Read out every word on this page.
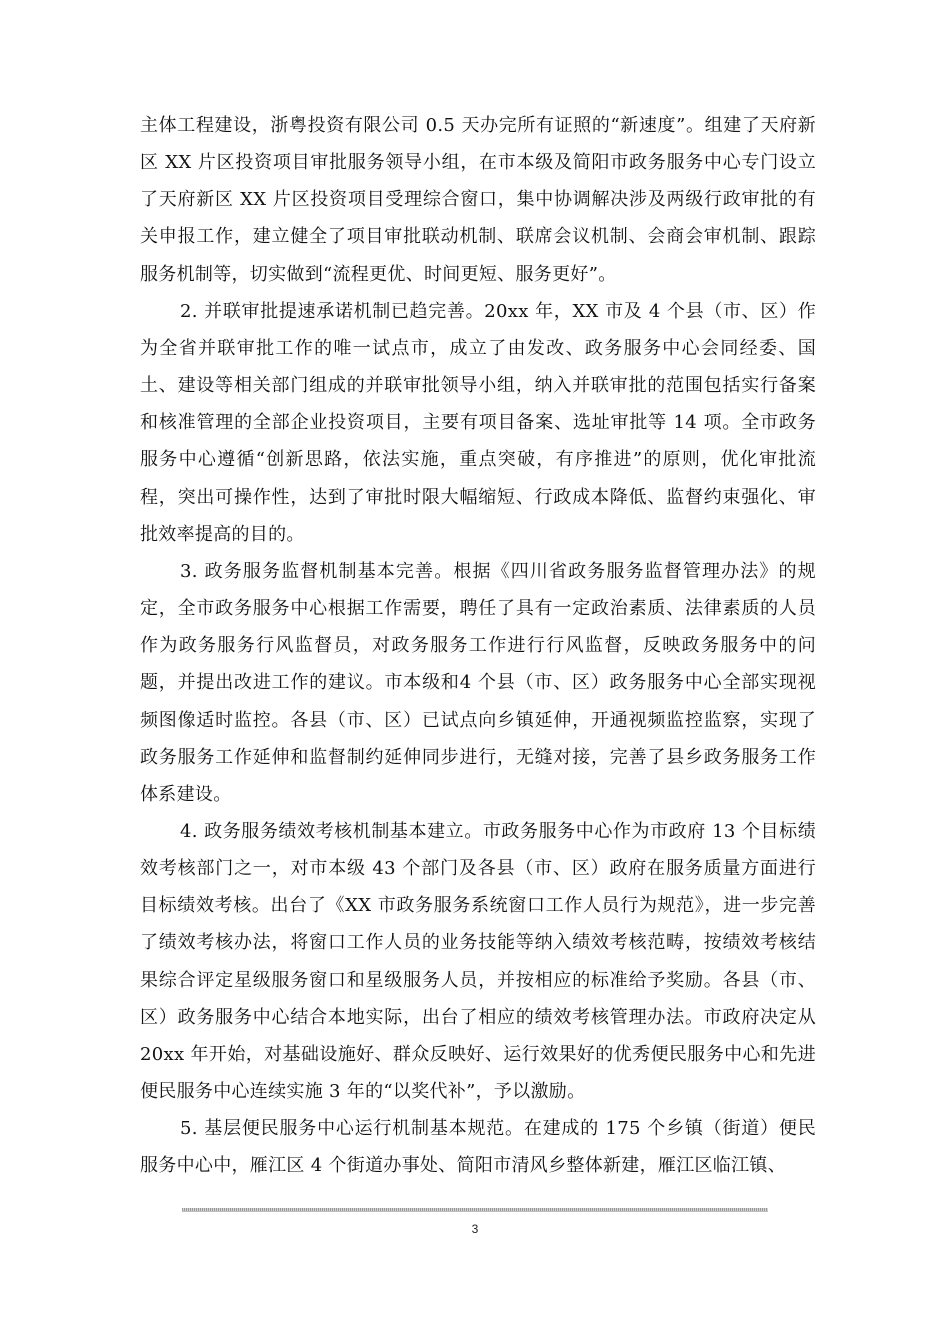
主体工程建设，浙粤投资有限公司 0.5 天办完所有证照的“新速度”。组建了天府新区 XX 片区投资项目审批服务领导小组，在市本级及简阳市政务服务中心专门设立了天府新区 XX 片区投资项目受理综合窗口，集中协调解决涉及两级行政审批的有关申报工作，建立健全了项目审批联动机制、联席会议机制、会商会审机制、跟踪服务机制等，切实做到“流程更优、时间更短、服务更好”。

2. 并联审批提速承诺机制已趋完善。20xx 年，XX 市及 4 个县（市、区）作为全省并联审批工作的唯一试点市，成立了由发改、政务服务中心会同经委、国土、建设等相关部门组成的并联审批领导小组，纳入并联审批的范围包括实行备案和核准管理的全部企业投资项目，主要有项目备案、选址审批等 14 项。全市政务服务中心遵循“创新思路，依法实施，重点突破，有序推进”的原则，优化审批流程，突出可操作性，达到了审批时限大幅缩短、行政成本降低、监督约束强化、审批效率提高的目的。

3. 政务服务监督机制基本完善。根据《四川省政务服务监督管理办法》的规定，全市政务服务中心根据工作需要，聘任了具有一定政治素质、法律素质的人员作为政务服务行风监督员，对政务服务工作进行行风监督，反映政务服务中的问题，并提出改进工作的建议。市本级和4 个县（市、区）政务服务中心全部实现视频图像适时监控。各县（市、区）已试点向乡镇延伸，开通视频监控监察，实现了政务服务工作延伸和监督制约延伸同步进行，无缝对接，完善了县乡政务服务工作体系建设。

4. 政务服务绩效考核机制基本建立。市政务服务中心作为市政府 13 个目标绩效考核部门之一，对市本级 43 个部门及各县（市、区）政府在服务质量方面进行目标绩效考核。出台了《XX 市政务服务系统窗口工作人员行为规范》，进一步完善了绩效考核办法，将窗口工作人员的业务技能等纳入绩效考核范畴，按绩效考核结果综合评定星级服务窗口和星级服务人员，并按相应的标准给予奖励。各县（市、区）政务服务中心结合本地实际，出台了相应的绩效考核管理办法。市政府决定从 20xx 年开始，对基础设施好、群众反映好、运行效果好的优秀便民服务中心和先进便民服务中心连续实施 3 年的“以奖代补”，予以激励。

5. 基层便民服务中心运行机制基本规范。在建成的 175 个乡镇（街道）便民服务中心中，雁江区 4 个街道办事处、简阳市清风乡整体新建，雁江区临江镇、

3
